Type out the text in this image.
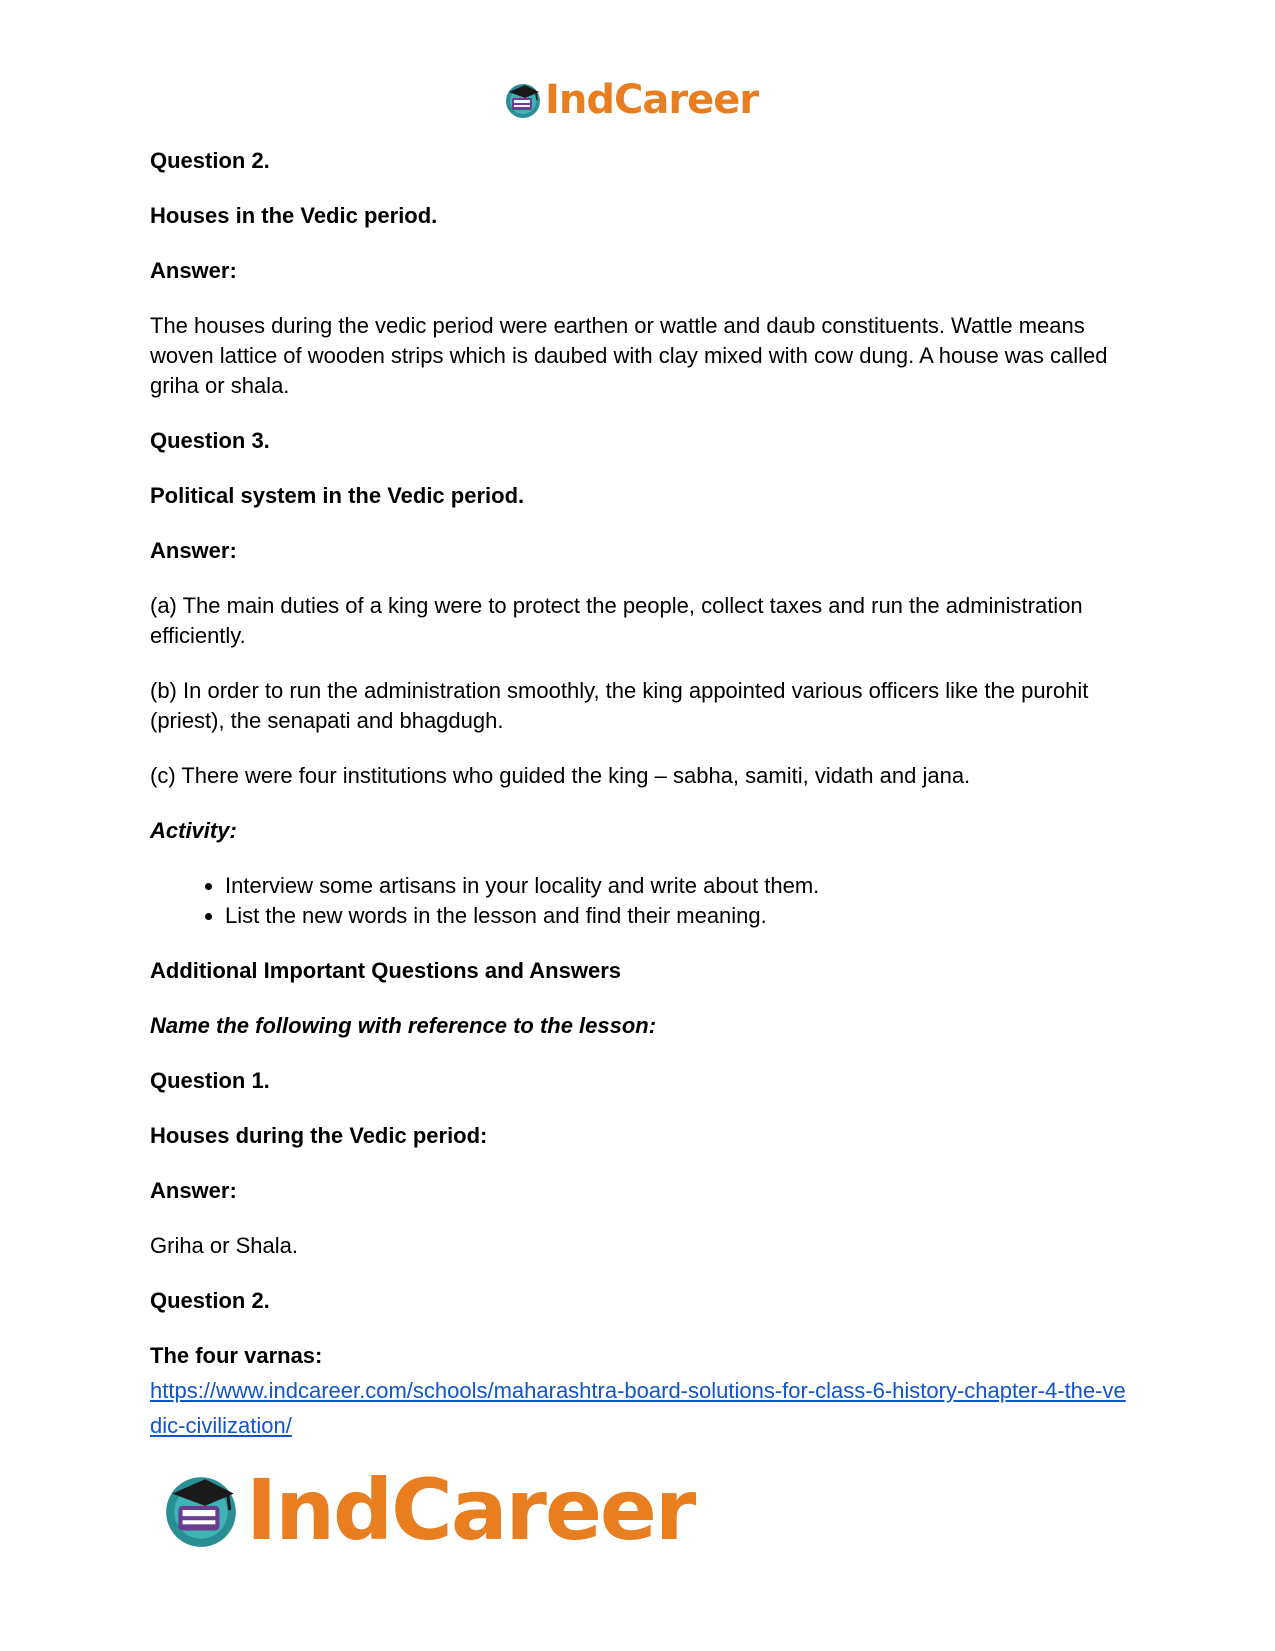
IndCareer

Question 2.

Houses in the Vedic period.

Answer:

The houses during the vedic period were earthen or wattle and daub constituents. Wattle means woven lattice of wooden strips which is daubed with clay mixed with cow dung. A house was called griha or shala.

Question 3.

Political system in the Vedic period.

Answer:

(a) The main duties of a king were to protect the people, collect taxes and run the administration efficiently.

(b) In order to run the administration smoothly, the king appointed various officers like the purohit (priest), the senapati and bhagdugh.

(c) There were four institutions who guided the king – sabha, samiti, vidath and jana.

Activity:

• Interview some artisans in your locality and write about them.
• List the new words in the lesson and find their meaning.

Additional Important Questions and Answers

Name the following with reference to the lesson:

Question 1.

Houses during the Vedic period:

Answer:

Griha or Shala.

Question 2.

The four varnas:

https://www.indcareer.com/schools/maharashtra-board-solutions-for-class-6-history-chapter-4-the-vedic-civilization/
IndCareer
